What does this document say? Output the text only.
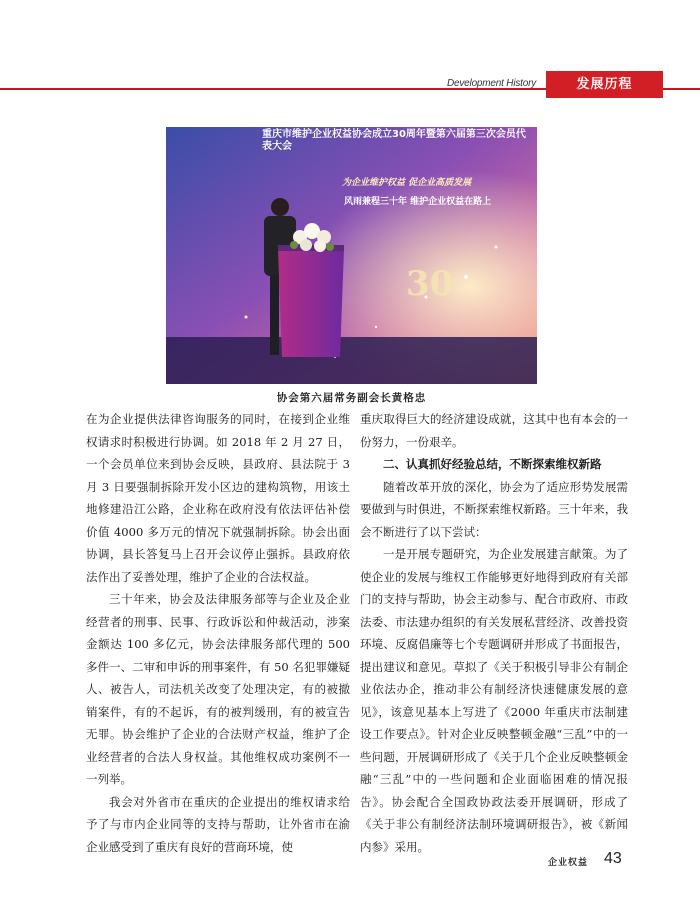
Development History	发展历程
30
重庆市维护企业权益协会成立30周年暨第六届第三次会员代表大会
为企业维护权益 促企业高质发展
风雨兼程三十年 维护企业权益在路上
协会第六届常务副会长黄格忠

在为企业提供法律咨询服务的同时，在接到企业维权请求时积极进行协调。如 2018 年 2 月 27 日，一个会员单位来到协会反映，县政府、县法院于 3 月 3 日要强制拆除开发小区边的建构筑物，用该土地修建沿江公路，企业称在政府没有依法评估补偿价值 4000 多万元的情况下就强制拆除。协会出面协调，县长答复马上召开会议停止强拆。县政府依法作出了妥善处理，维护了企业的合法权益。

三十年来，协会及法律服务部等与企业及企业经营者的刑事、民事、行政诉讼和仲裁活动，涉案金额达 100 多亿元，协会法律服务部代理的 500 多件一、二审和申诉的刑事案件，有 50 名犯罪嫌疑人、被告人，司法机关改变了处理决定，有的被撤销案件，有的不起诉，有的被判缓刑，有的被宣告无罪。协会维护了企业的合法财产权益，维护了企业经营者的合法人身权益。其他维权成功案例不一一列举。

我会对外省市在重庆的企业提出的维权请求给予了与市内企业同等的支持与帮助，让外省市在渝企业感受到了重庆有良好的营商环境，使

重庆取得巨大的经济建设成就，这其中也有本会的一份努力，一份艰辛。

二、认真抓好经验总结，不断探索维权新路

随着改革开放的深化，协会为了适应形势发展需要做到与时俱进，不断探索维权新路。三十年来，我会不断进行了以下尝试：

一是开展专题研究，为企业发展建言献策。为了使企业的发展与维权工作能够更好地得到政府有关部门的支持与帮助，协会主动参与、配合市政府、市政法委、市法建办组织的有关发展私营经济、改善投资环境、反腐倡廉等七个专题调研并形成了书面报告，提出建议和意见。草拟了《关于积极引导非公有制企业依法办企，推动非公有制经济快速健康发展的意见》，该意见基本上写进了《2000 年重庆市法制建设工作要点》。针对企业反映整顿金融“三乱”中的一些问题，开展调研形成了《关于几个企业反映整顿金融“三乱”中的一些问题和企业面临困难的情况报告》。协会配合全国政协政法委开展调研，形成了《关于非公有制经济法制环境调研报告》，被《新闻内参》采用。

企业权益 43
